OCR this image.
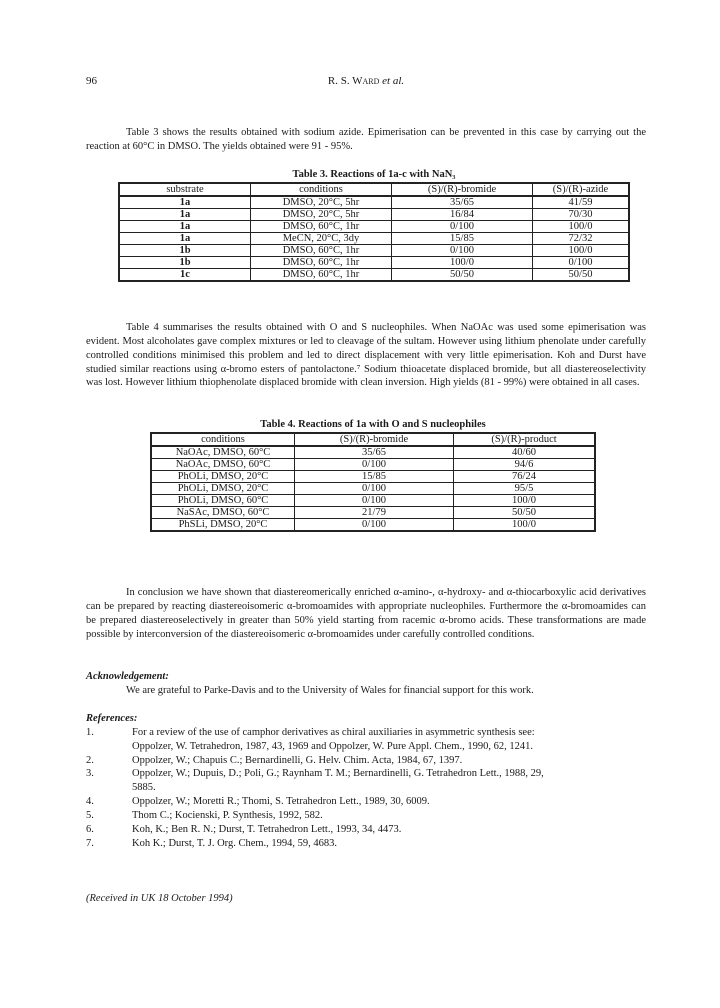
96	R. S. Ward et al.

Table 3 shows the results obtained with sodium azide. Epimerisation can be prevented in this case by carrying out the reaction at 60°C in DMSO. The yields obtained were 91 - 95%.

Table 3. Reactions of 1a-c with NaN₃
substrate	conditions	(S)/(R)-bromide	(S)/(R)-azide
1a	DMSO, 20°C, 5hr	35/65	41/59
1a	DMSO, 20°C, 5hr	16/84	70/30
1a	DMSO, 60°C, 1hr	0/100	100/0
1a	MeCN, 20°C, 3dy	15/85	72/32
1b	DMSO, 60°C, 1hr	0/100	100/0
1b	DMSO, 60°C, 1hr	100/0	0/100
1c	DMSO, 60°C, 1hr	50/50	50/50

Table 4 summarises the results obtained with O and S nucleophiles. When NaOAc was used some epimerisation was evident. Most alcoholates gave complex mixtures or led to cleavage of the sultam. However using lithium phenolate under carefully controlled conditions minimised this problem and led to direct displacement with very little epimerisation. Koh and Durst have studied similar reactions using α-bromo esters of pantolactone.⁷ Sodium thioacetate displaced bromide, but all diastereoselectivity was lost. However lithium thiophenolate displaced bromide with clean inversion. High yields (81 - 99%) were obtained in all cases.

Table 4. Reactions of 1a with O and S nucleophiles
conditions	(S)/(R)-bromide	(S)/(R)-product
NaOAc, DMSO, 60°C	35/65	40/60
NaOAc, DMSO, 60°C	0/100	94/6
PhOLi, DMSO, 20°C	15/85	76/24
PhOLi, DMSO, 20°C	0/100	95/5
PhOLi, DMSO, 60°C	0/100	100/0
NaSAc, DMSO, 60°C	21/79	50/50
PhSLi, DMSO, 20°C	0/100	100/0

In conclusion we have shown that diastereomerically enriched α-amino-, α-hydroxy- and α-thiocarboxylic acid derivatives can be prepared by reacting diastereoisomeric α-bromoamides with appropriate nucleophiles. Furthermore the α-bromoamides can be prepared diastereoselectively in greater than 50% yield starting from racemic α-bromo acids. These transformations are made possible by interconversion of the diastereoisomeric α-bromoamides under carefully controlled conditions.

Acknowledgement:

We are grateful to Parke-Davis and to the University of Wales for financial support for this work.

References:
1.	For a review of the use of camphor derivatives as chiral auxiliaries in asymmetric synthesis see:
Oppolzer, W. Tetrahedron, 1987, 43, 1969 and Oppolzer, W. Pure Appl. Chem., 1990, 62, 1241.
2.	Oppolzer, W.; Chapuis C.; Bernardinelli, G. Helv. Chim. Acta, 1984, 67, 1397.
3.	Oppolzer, W.; Dupuis, D.; Poli, G.; Raynham T. M.; Bernardinelli, G. Tetrahedron Lett., 1988, 29,
5885.
4.	Oppolzer, W.; Moretti R.; Thomi, S. Tetrahedron Lett., 1989, 30, 6009.
5.	Thom C.; Kocienski, P. Synthesis, 1992, 582.
6.	Koh, K.; Ben R. N.; Durst, T. Tetrahedron Lett., 1993, 34, 4473.
7.	Koh K.; Durst, T. J. Org. Chem., 1994, 59, 4683.
(Received in UK 18 October 1994)
